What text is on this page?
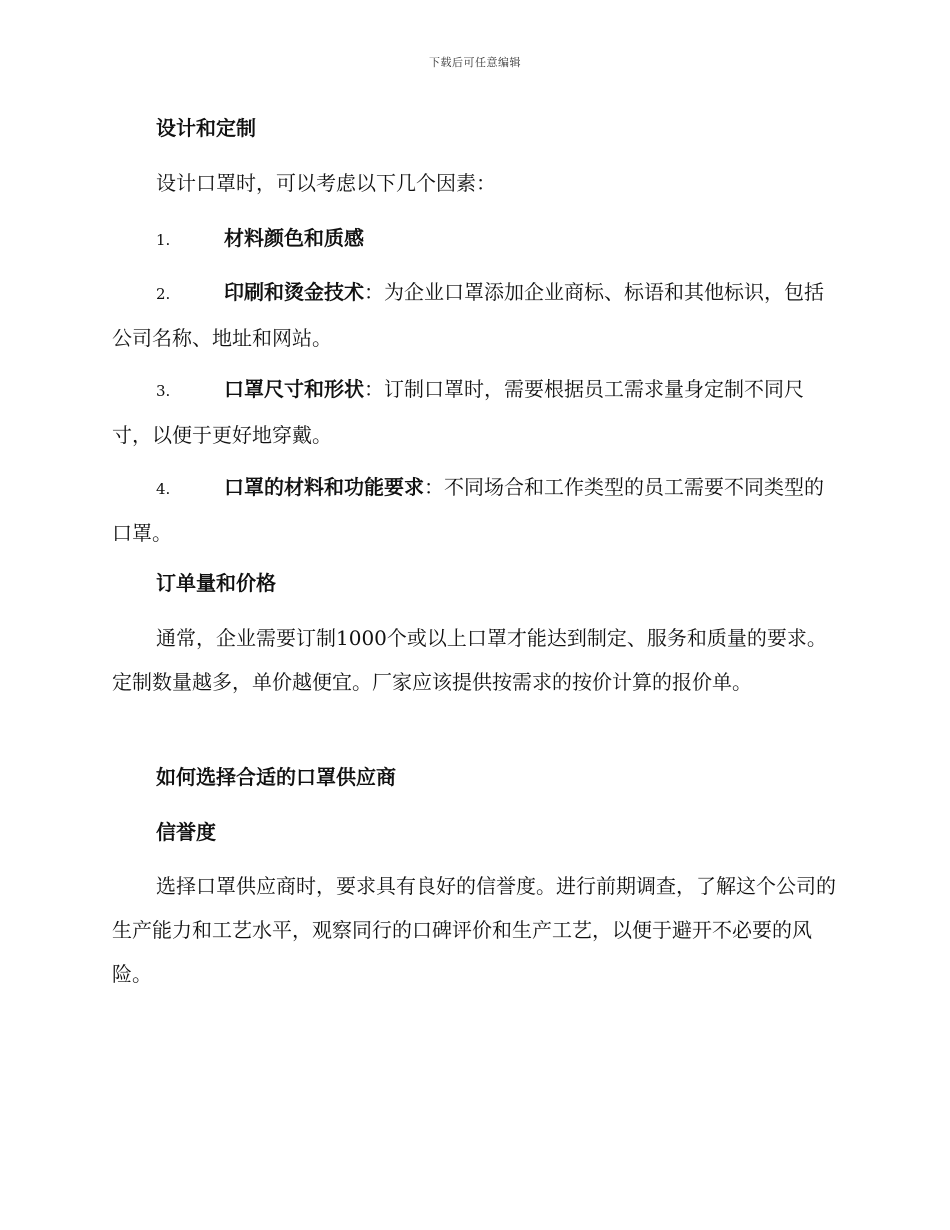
下载后可任意编辑
设计和定制
设计口罩时，可以考虑以下几个因素：
1.	材料颜色和质感
2.	印刷和烫金技术：为企业口罩添加企业商标、标语和其他标识，包括公司名称、地址和网站。
3.	口罩尺寸和形状：订制口罩时，需要根据员工需求量身定制不同尺寸，以便于更好地穿戴。
4.	口罩的材料和功能要求：不同场合和工作类型的员工需要不同类型的口罩。
订单量和价格
通常，企业需要订制1000个或以上口罩才能达到制定、服务和质量的要求。定制数量越多，单价越便宜。厂家应该提供按需求的按价计算的报价单。
如何选择合适的口罩供应商
信誉度
选择口罩供应商时，要求具有良好的信誉度。进行前期调查，了解这个公司的生产能力和工艺水平，观察同行的口碑评价和生产工艺，以便于避开不必要的风险。
